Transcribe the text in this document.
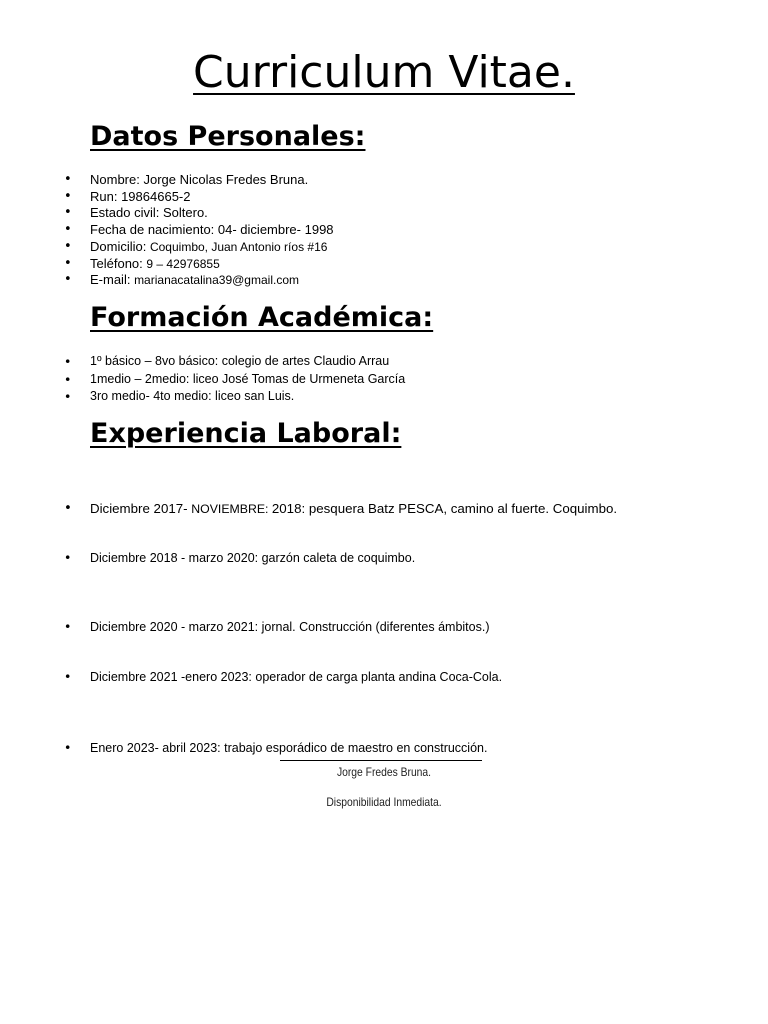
Curriculum Vitae.
Datos Personales:
• Nombre: Jorge Nicolas Fredes Bruna.
• Run: 19864665-2
• Estado civil: Soltero.
• Fecha de nacimiento: 04- diciembre- 1998
• Domicilio: Coquimbo, Juan Antonio ríos #16
• Teléfono: 9 – 42976855
• E-mail: marianacatalina39@gmail.com
Formación Académica:
• 1º básico – 8vo básico: colegio de artes Claudio Arrau
• 1medio – 2medio: liceo José Tomas de Urmeneta García
• 3ro medio- 4to medio: liceo san Luis.
Experiencia Laboral:
• Diciembre 2017- NOVIEMBRE: 2018: pesquera Batz PESCA, camino al fuerte. Coquimbo.
• Diciembre 2018 - marzo 2020: garzón caleta de coquimbo.
• Diciembre 2020 - marzo 2021: jornal. Construcción (diferentes ámbitos.)
• Diciembre 2021 -enero 2023: operador de carga planta andina Coca-Cola.
• Enero 2023- abril 2023: trabajo esporádico de maestro en construcción.
Jorge Fredes Bruna.
Disponibilidad Inmediata.
